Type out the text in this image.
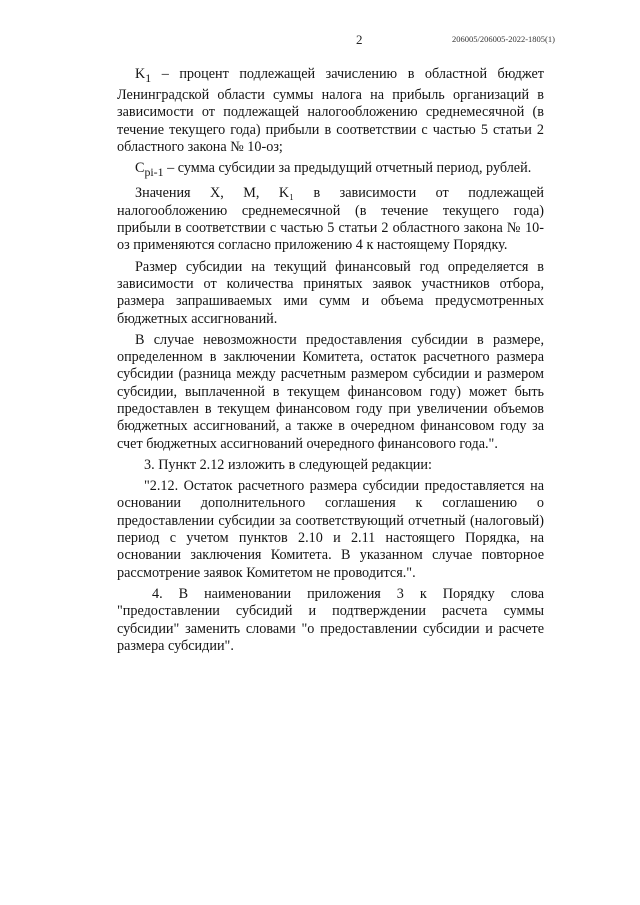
2	206005/206005-2022-1805(1)

$K_1$ – процент подлежащей зачислению в областной бюджет Ленинградской области суммы налога на прибыль организаций в зависимости от подлежащей налогообложению среднемесячной (в течение текущего года) прибыли в соответствии с частью 5 статьи 2 областного закона № 10-оз;

$C_{pi-1}$ – сумма субсидии за предыдущий отчетный период, рублей.

Значения X, M, K₁ в зависимости от подлежащей налогообложению среднемесячной (в течение текущего года) прибыли в соответствии с частью 5 статьи 2 областного закона № 10-оз применяются согласно приложению 4 к настоящему Порядку.

Размер субсидии на текущий финансовый год определяется в зависимости от количества принятых заявок участников отбора, размера запрашиваемых ими сумм и объема предусмотренных бюджетных ассигнований.

В случае невозможности предоставления субсидии в размере, определенном в заключении Комитета, остаток расчетного размера субсидии (разница между расчетным размером субсидии и размером субсидии, выплаченной в текущем финансовом году) может быть предоставлен в текущем финансовом году при увеличении объемов бюджетных ассигнований, а также в очередном финансовом году за счет бюджетных ассигнований очередного финансового года.".

3. Пункт 2.12 изложить в следующей редакции:

"2.12. Остаток расчетного размера субсидии предоставляется на основании дополнительного соглашения к соглашению о предоставлении субсидии за соответствующий отчетный (налоговый) период с учетом пунктов 2.10 и 2.11 настоящего Порядка, на основании заключения Комитета. В указанном случае повторное рассмотрение заявок Комитетом не проводится.".

4. В наименовании приложения 3 к Порядку слова "предоставлении субсидий и подтверждении расчета суммы субсидии" заменить словами "о предоставлении субсидии и расчете размера субсидии".
